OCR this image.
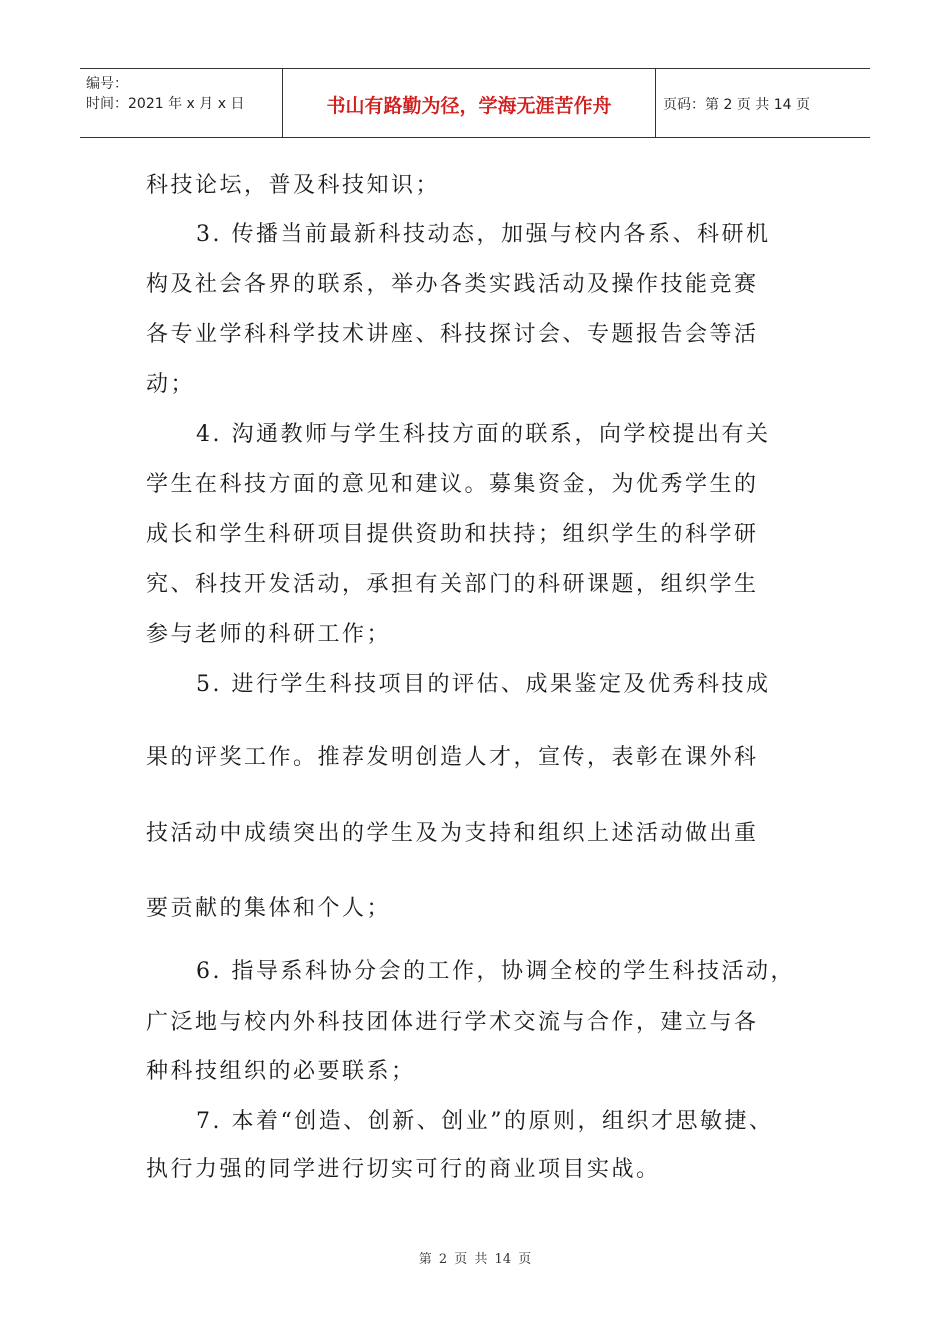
编号：
时间：2021 年 x 月 x 日	书山有路勤为径，学海无涯苦作舟	页码：第 2 页 共 14 页
科技论坛，普及科技知识；
3. 传播当前最新科技动态，加强与校内各系、科研机
构及社会各界的联系，举办各类实践活动及操作技能竞赛
各专业学科科学技术讲座、科技探讨会、专题报告会等活
动；
4. 沟通教师与学生科技方面的联系，向学校提出有关
学生在科技方面的意见和建议。募集资金，为优秀学生的
成长和学生科研项目提供资助和扶持；组织学生的科学研
究、科技开发活动，承担有关部门的科研课题，组织学生
参与老师的科研工作；
5. 进行学生科技项目的评估、成果鉴定及优秀科技成
果的评奖工作。推荐发明创造人才，宣传，表彰在课外科
技活动中成绩突出的学生及为支持和组织上述活动做出重
要贡献的集体和个人；
6. 指导系科协分会的工作，协调全校的学生科技活动，
广泛地与校内外科技团体进行学术交流与合作，建立与各
种科技组织的必要联系；
7. 本着“创造、创新、创业”的原则，组织才思敏捷、
执行力强的同学进行切实可行的商业项目实战。
第 2 页 共 14 页
